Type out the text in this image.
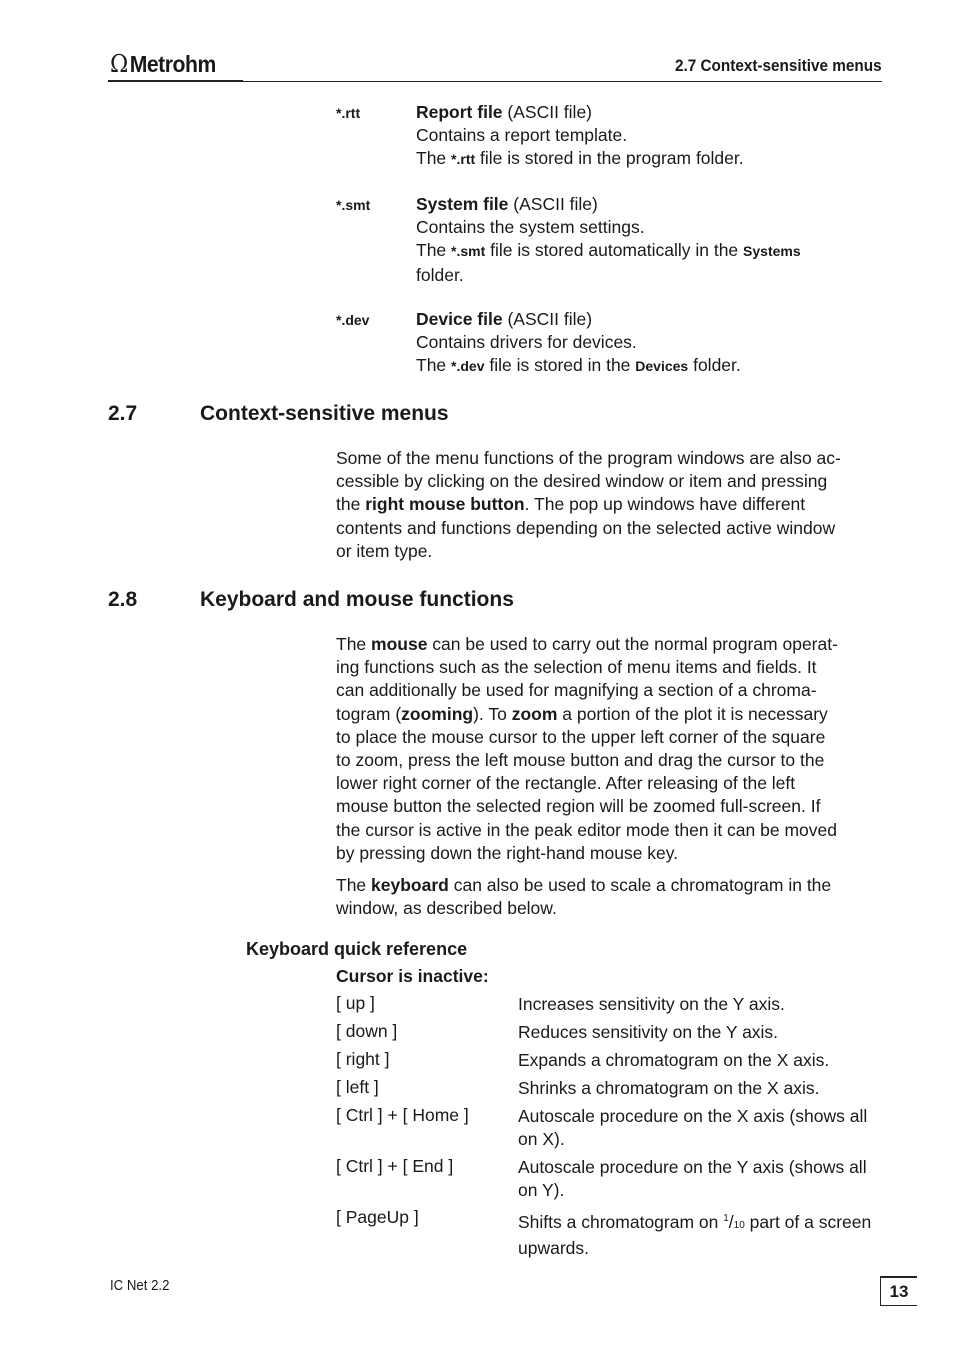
Ω Metrohm	2.7 Context-sensitive menus
*.rtt	Report file (ASCII file)
Contains a report template.
The *.rtt file is stored in the program folder.
*.smt	System file (ASCII file)
Contains the system settings.
The *.smt file is stored automatically in the Systems
folder.
*.dev	Device file (ASCII file)
Contains drivers for devices.
The *.dev file is stored in the Devices folder.
2.7	Context-sensitive menus
Some of the menu functions of the program windows are also ac-
cessible by clicking on the desired window or item and pressing
the right mouse button. The pop up windows have different
contents and functions depending on the selected active window
or item type.
2.8	Keyboard and mouse functions
The mouse can be used to carry out the normal program operat-
ing functions such as the selection of menu items and fields. It
can additionally be used for magnifying a section of a chroma-
togram (zooming). To zoom a portion of the plot it is necessary
to place the mouse cursor to the upper left corner of the square
to zoom, press the left mouse button and drag the cursor to the
lower right corner of the rectangle. After releasing of the left
mouse button the selected region will be zoomed full-screen. If
the cursor is active in the peak editor mode then it can be moved
by pressing down the right-hand mouse key.
The keyboard can also be used to scale a chromatogram in the
window, as described below.
Keyboard quick reference
Cursor is inactive:
[ up ]	Increases sensitivity on the Y axis.
[ down ]	Reduces sensitivity on the Y axis.
[ right ]	Expands a chromatogram on the X axis.
[ left ]	Shrinks a chromatogram on the X axis.
[ Ctrl ] + [ Home ]	Autoscale procedure on the X axis (shows all on X).
[ Ctrl ] + [ End ]	Autoscale procedure on the Y axis (shows all on Y).
[ PageUp ]	Shifts a chromatogram on $^1$/10 part of a screen upwards.
IC Net 2.2	13
